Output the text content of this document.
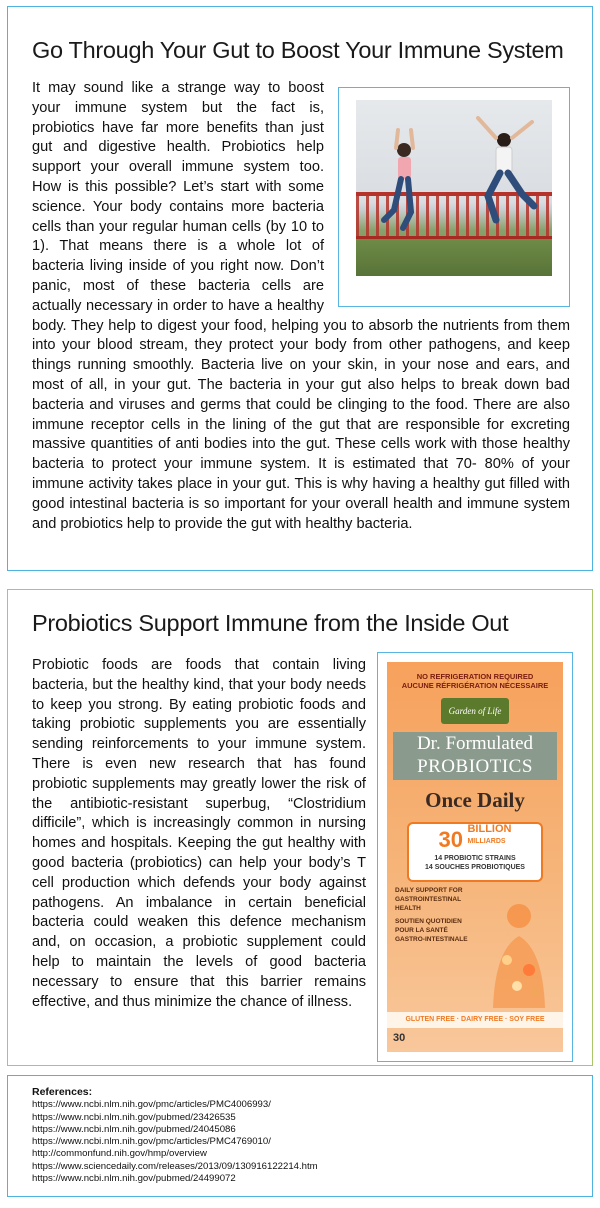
Go Through Your Gut to Boost Your Immune System
It may sound like a strange way to boost your immune system but the fact is, probiotics have far more benefits than just gut and digestive health. Probiotics help support your overall immune system too. How is this possible? Let’s start with some science. Your body contains more bacteria cells than your regular human cells (by 10 to 1). That means there is a whole lot of bacteria living inside of you right now. Don’t panic, most of these bacteria cells are actually necessary in order to have a healthy body. They help to digest your food, helping you to absorb the nutrients from them into your blood stream, they protect your body from other pathogens, and keep things running smoothly. Bacteria live on your skin, in your nose and ears, and most of all, in your gut. The bacteria in your gut also helps to break down bad bacteria and viruses and germs that could be clinging to the food. There are also immune receptor cells in the lining of the gut that are responsible for excreting massive quantities of anti bodies into the gut. These cells work with those healthy bacteria to protect your immune system. It is estimated that 70- 80% of your immune activity takes place in your gut. This is why having a healthy gut filled with good intestinal bacteria is so important for your overall health and immune system and probiotics help to provide the gut with healthy bacteria.
Probiotics Support Immune from the Inside Out
Probiotic foods are foods that contain living bacteria, but the healthy kind, that your body needs to keep you strong. By eating probiotic foods and taking probiotic supplements you are essentially sending reinforcements to your immune system. There is even new research that has found probiotic supplements may greatly lower the risk of the antibiotic-resistant superbug, “Clostridium difficile”, which is increasingly common in nursing homes and hospitals. Keeping the gut healthy with good bacteria (probiotics) can help your body’s T cell production which defends your body against pathogens. An imbalance in certain beneficial bacteria could weaken this defence mechanism and, on occasion, a probiotic supplement could help to maintain the levels of good bacteria necessary to ensure that this barrier remains effective, and thus minimize the chance of illness.
NO REFRIGERATION REQUIRED
AUCUNE RÉFRIGÉRATION NÉCESSAIRE
Garden of Life
Dr. Formulated
PROBIOTICS
Once Daily
30 BILLION
MILLIARDS
14 PROBIOTIC STRAINS
14 SOUCHES PROBIOTIQUES
DAILY SUPPORT FOR GASTROINTESTINAL HEALTH
SOUTIEN QUOTIDIEN POUR LA SANTÉ GASTRO-INTESTINALE
GLUTEN FREE · DAIRY FREE · SOY FREE
30
References:
https://www.ncbi.nlm.nih.gov/pmc/articles/PMC4006993/
https://www.ncbi.nlm.nih.gov/pubmed/23426535
https://www.ncbi.nlm.nih.gov/pubmed/24045086
https://www.ncbi.nlm.nih.gov/pmc/articles/PMC4769010/
http://commonfund.nih.gov/hmp/overview
https://www.sciencedaily.com/releases/2013/09/130916122214.htm
https://www.ncbi.nlm.nih.gov/pubmed/24499072
